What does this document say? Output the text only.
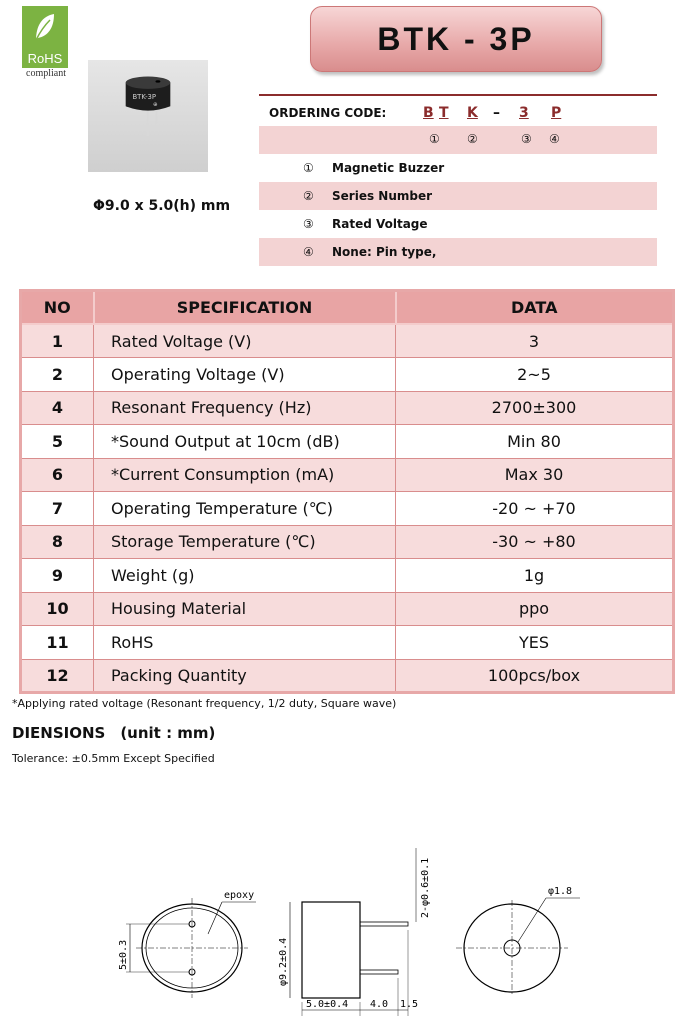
RoHS
compliant
BTK-3P
⊕
Φ9.0 x 5.0(h) mm
BTK - 3P
ORDERING CODE:	B T K – 3 P
① ②	③ ④
① Magnetic Buzzer
② Series Number
③ Rated Voltage
④ None: Pin type,
NO	SPECIFICATION	DATA
1	Rated Voltage (V)	3
2	Operating Voltage (V)	2~5
4	Resonant Frequency (Hz)	2700±300
5	*Sound Output at 10cm (dB)	Min 80
6	*Current Consumption (mA)	Max 30
7	Operating Temperature (℃)	-20 ~ +70
8	Storage Temperature (℃)	-30 ~ +80
9	Weight (g)	1g
10	Housing Material	ppo
11	RoHS	YES
12	Packing Quantity	100pcs/box
*Applying rated voltage (Resonant frequency, 1/2 duty, Square wave)
DIENSIONS　(unit : mm)
Tolerance: ±0.5mm Except Specified
5±0.3
epoxy
φ9.2±0.4
5.0±0.4 4.0 1.5
2-φ0.6±0.1	φ1.8
